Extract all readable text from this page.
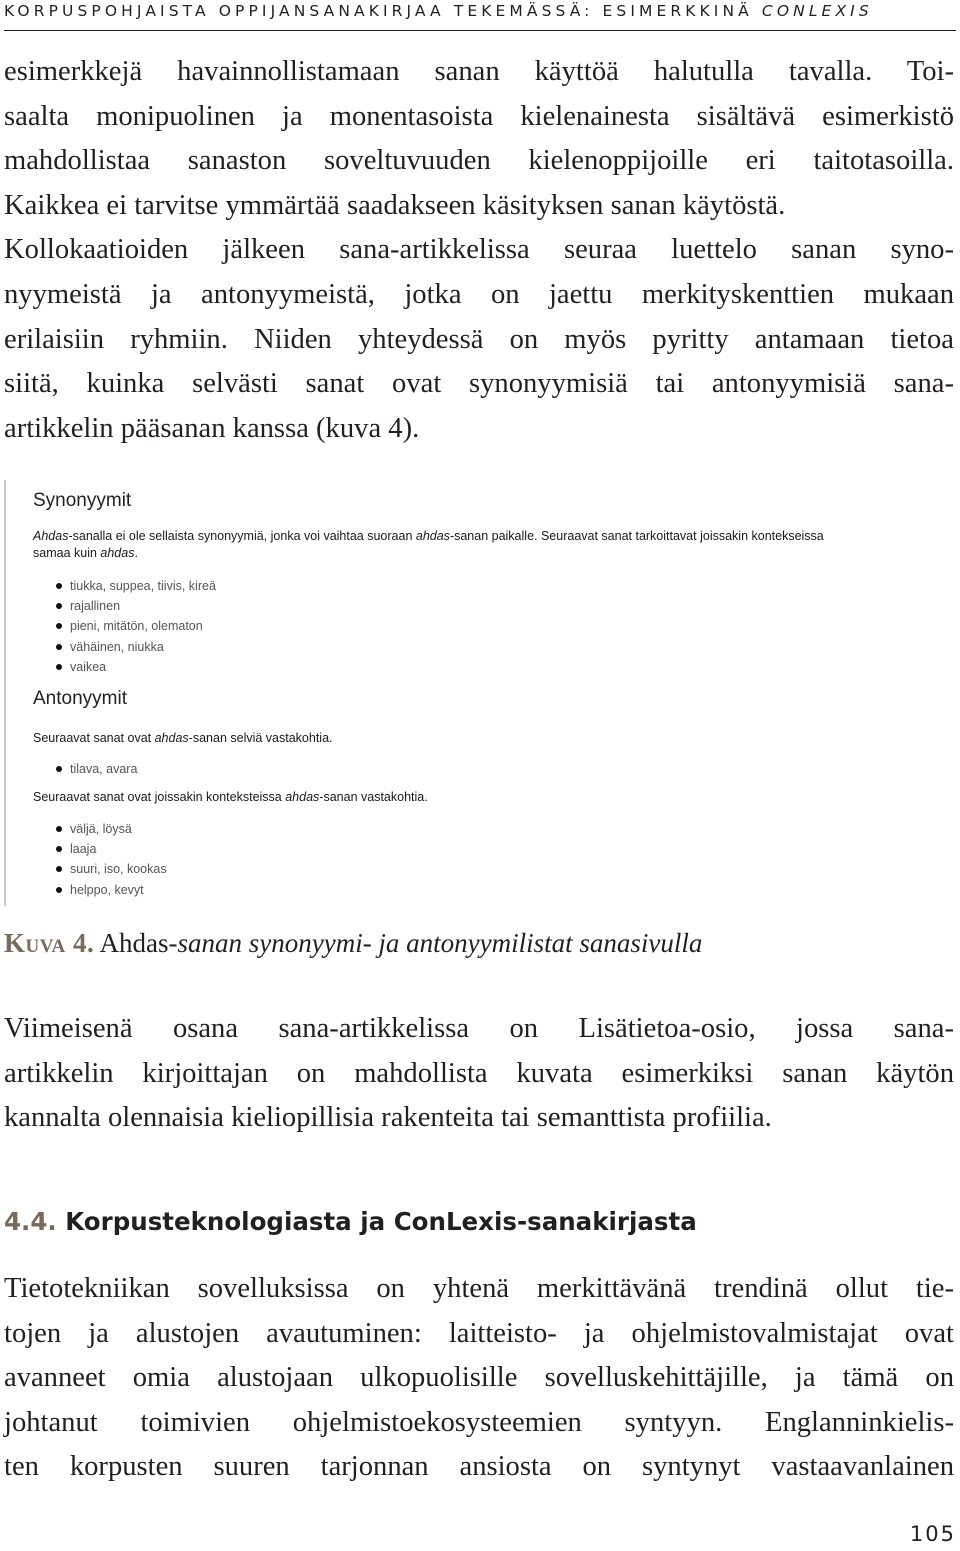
KORPUSPOHJAISTA OPPIJANSANAKIRJAA TEKEMÄSSÄ: ESIMERKKINÄ CONLEXIS
esimerkkejä havainnollistamaan sanan käyttöä halutulla tavalla. Toi-
saalta monipuolinen ja monentasoista kielenainesta sisältävä esimerkistö
mahdollistaa sanaston soveltuvuuden kielenoppijoille eri taitotasoilla.
Kaikkea ei tarvitse ymmärtää saadakseen käsityksen sanan käytöstä.
Kollokaatioiden jälkeen sana-artikkelissa seuraa luettelo sanan syno-
nyymeistä ja antonyymeistä, jotka on jaettu merkityskenttien mukaan
erilaisiin ryhmiin. Niiden yhteydessä on myös pyritty antamaan tietoa
siitä, kuinka selvästi sanat ovat synonyymisiä tai antonyymisiä sana-
artikkelin pääsanan kanssa (kuva 4).
Synonyymit
Ahdas-sanalla ei ole sellaista synonyymiä, jonka voi vaihtaa suoraan ahdas-sanan paikalle. Seuraavat sanat tarkoittavat joissakin kontekseissa samaa kuin ahdas.
tiukka, suppea, tiivis, kireä
rajallinen
pieni, mitätön, olematon
vähäinen, niukka
vaikea
Antonyymit
Seuraavat sanat ovat ahdas-sanan selviä vastakohtia.
tilava, avara
Seuraavat sanat ovat joissakin konteksteissa ahdas-sanan vastakohtia.
väljä, löysä
laaja
suuri, iso, kookas
helppo, kevyt
Kuva 4. Ahdas-sanan synonyymi- ja antonyymilistat sanasivulla
Viimeisenä osana sana-artikkelissa on Lisätietoa-osio, jossa sana-
artikkelin kirjoittajan on mahdollista kuvata esimerkiksi sanan käytön
kannalta olennaisia kieliopillisia rakenteita tai semanttista profiilia.
4.4. Korpusteknologiasta ja ConLexis-sanakirjasta
Tietotekniikan sovelluksissa on yhtenä merkittävänä trendinä ollut tie-
tojen ja alustojen avautuminen: laitteisto- ja ohjelmistovalmistajat ovat
avanneet omia alustojaan ulkopuolisille sovelluskehittäjille, ja tämä on
johtanut toimivien ohjelmistoekosysteemien syntyyn. Englanninkielis-
ten korpusten suuren tarjonnan ansiosta on syntynyt vastaavanlainen
105
